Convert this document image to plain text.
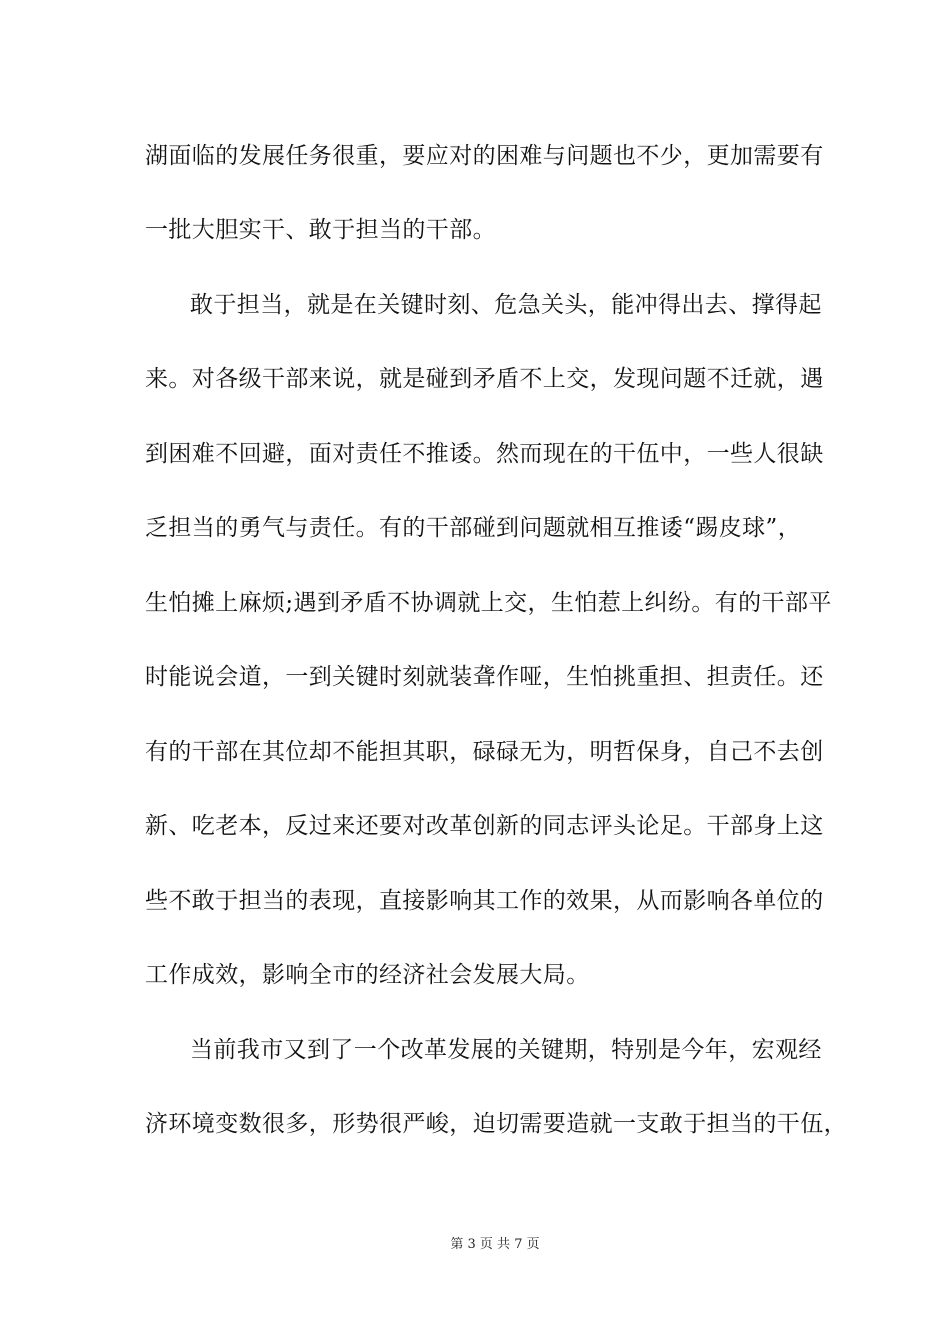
湖面临的发展任务很重，要应对的困难与问题也不少，更加需要有
一批大胆实干、敢于担当的干部。
敢于担当，就是在关键时刻、危急关头，能冲得出去、撑得起
来。对各级干部来说，就是碰到矛盾不上交，发现问题不迁就，遇
到困难不回避，面对责任不推诿。然而现在的干伍中，一些人很缺
乏担当的勇气与责任。有的干部碰到问题就相互推诿“踢皮球”，
生怕摊上麻烦;遇到矛盾不协调就上交，生怕惹上纠纷。有的干部平
时能说会道，一到关键时刻就装聋作哑，生怕挑重担、担责任。还
有的干部在其位却不能担其职，碌碌无为，明哲保身，自己不去创
新、吃老本，反过来还要对改革创新的同志评头论足。干部身上这
些不敢于担当的表现，直接影响其工作的效果，从而影响各单位的
工作成效，影响全市的经济社会发展大局。
当前我市又到了一个改革发展的关键期，特别是今年，宏观经
济环境变数很多，形势很严峻，迫切需要造就一支敢于担当的干伍，
第 3 页 共 7 页
